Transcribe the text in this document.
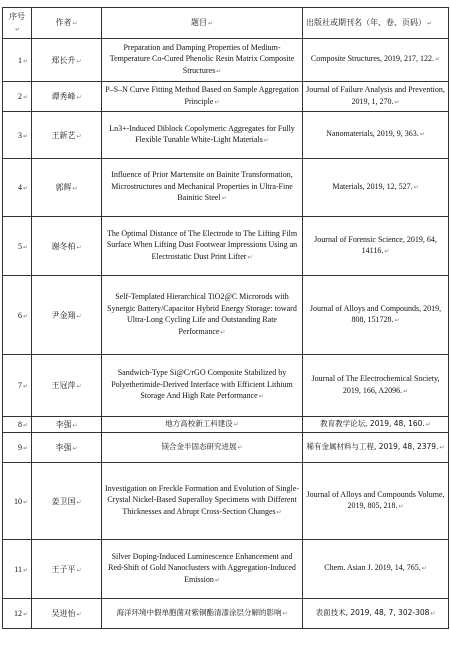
序号↵	作者↵	题目↵	出版社或期刊名（年、卷、页码）↵
1↵	郑长升↵	Preparation and Damping Properties of Medium-Temperature Co-Cured Phenolic Resin Matrix Composite Structures↵	Composite Structures, 2019, 217, 122.↵
2↵	谭秀峰↵	P–S–N Curve Fitting Method Based on Sample Aggregation Principle↵	Journal of Failure Analysis and Prevention, 2019, 1, 270.↵
3↵	王新艺↵	Ln3+-Induced Diblock Copolymeric Aggregates for Fully Flexible Tunable White-Light Materials↵	Nanomaterials, 2019, 9, 363.↵
4↵	郭辉↵	Influence of Prior Martensite on Bainite Transformation, Microstructures and Mechanical Properties in Ultra-Fine Bainitic Steel↵	Materials, 2019, 12, 527.↵
5↵	谢冬柏↵	The Optimal Distance of The Electrode to The Lifting Film Surface When Lifting Dust Footwear Impressions Using an Electrostatic Dust Print Lifter↵	Journal of Forensic Science, 2019, 64, 14116.↵
6↵	尹金翔↵	Self-Templated Hierarchical TiO2@C Microrods with Synergic Battery/Capacitor Hybrid Energy Storage: toward Ultra-Long Cycling Life and Outstanding Rate Performance↵	Journal of Alloys and Compounds, 2019, 808, 151728.↵
7↵	王冠萍↵	Sandwich-Type Si@C/rGO Composite Stabilized by Polyetherimide-Derived Interface with Efficient Lithium Storage And High Rate Performance↵	Journal of The Electrochemical Society, 2019, 166, A2096.↵
8↵	李强↵	地方高校新工科建设↵	教育教学论坛, 2019, 48, 160.↵
9↵	李强↵	镁合金半固态研究进展↵	稀有金属材料与工程, 2019, 48, 2379.↵
10↵	姜卫国↵	Investigation on Freckle Formation and Evolution of Single-Crystal Nickel-Based Superalloy Specimens with Different Thicknesses and Abrupt Cross-Section Changes↵	Journal of Alloys and Compounds Volume, 2019, 805, 218.↵
11↵	王子平↵	Silver Doping-Induced Luminescence Enhancement and Red-Shift of Gold Nanoclusters with Aggregation-Induced Emission↵	Chem. Asian J. 2019, 14, 765.↵
12↵	吴进怡↵	海洋环境中假单胞菌对紫铜酯清漆涂层分解的影响↵	表面技术, 2019, 48, 7, 302-308↵
